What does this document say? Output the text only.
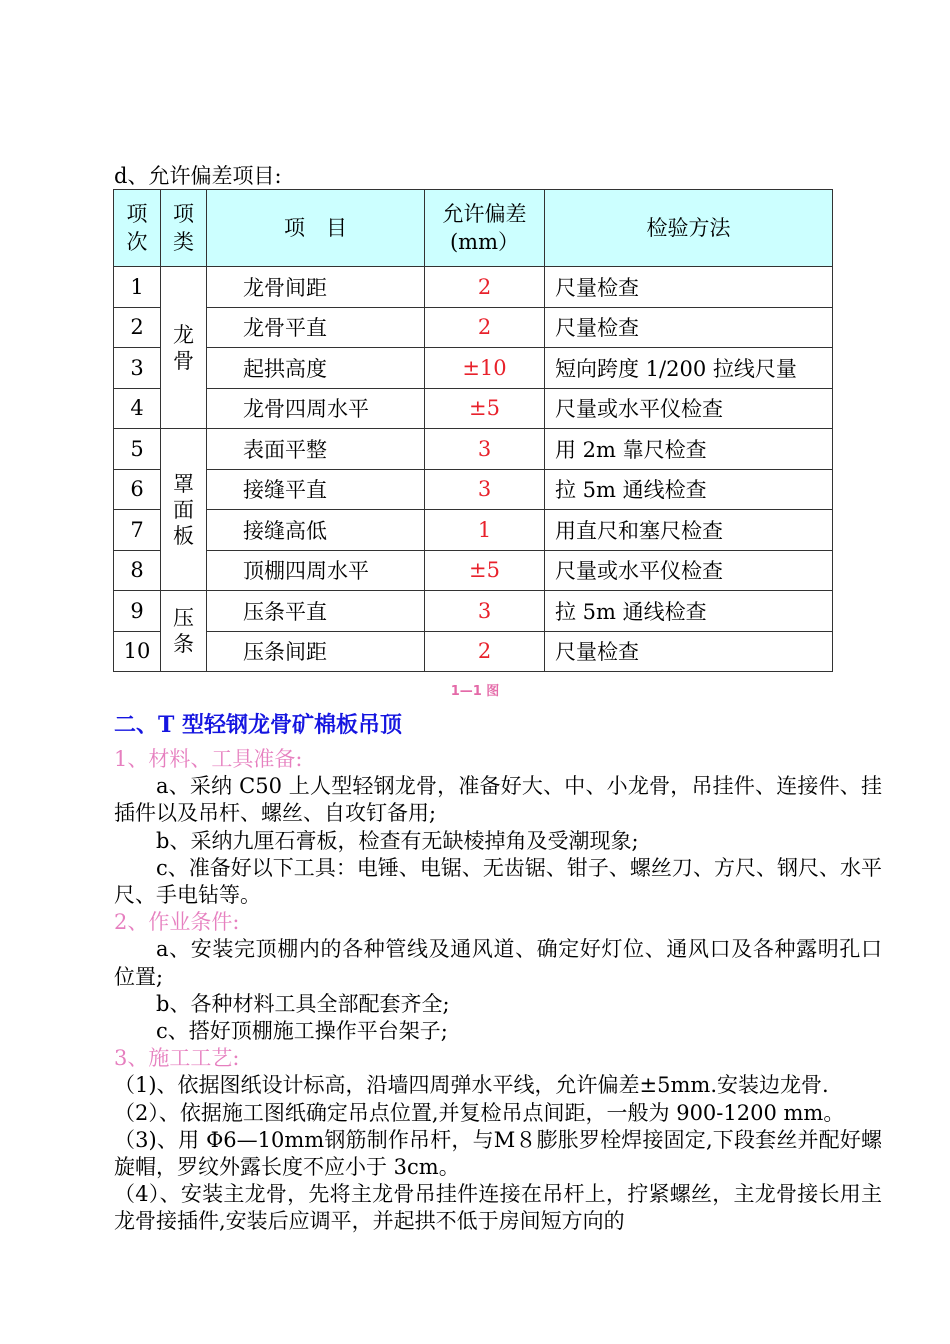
d、允许偏差项目:
项次	项类	项　目	允许偏差(mm）	检验方法
1	龙骨	龙骨间距	2	尺量检查
2		龙骨平直	2	尺量检查
3		起拱高度	±10	短向跨度 1/200 拉线尺量
4		龙骨四周水平	±5	尺量或水平仪检查
5	罩面板	表面平整	3	用 2m 靠尺检查
6		接缝平直	3	拉 5m 通线检查
7		接缝高低	1	用直尺和塞尺检查
8		顶棚四周水平	±5	尺量或水平仪检查
9	压条	压条平直	3	拉 5m 通线检查
10		压条间距	2	尺量检查
1—1 图
二、T 型轻钢龙骨矿棉板吊顶

1、材料、工具准备:

a、采纳 C50 上人型轻钢龙骨，准备好大、中、小龙骨，吊挂件、连接件、挂插件以及吊杆、螺丝、自攻钉备用;

b、采纳九厘石膏板，检查有无缺棱掉角及受潮现象;

c、准备好以下工具：电锤、电锯、无齿锯、钳子、螺丝刀、方尺、钢尺、水平尺、手电钻等。

2、作业条件:

a、安装完顶棚内的各种管线及通风道、确定好灯位、通风口及各种露明孔口位置;

b、各种材料工具全部配套齐全;

c、搭好顶棚施工操作平台架子;

3、施工工艺:

（1)、依据图纸设计标高，沿墙四周弹水平线，允许偏差±5mm.安装边龙骨.

（2）、依据施工图纸确定吊点位置,并复检吊点间距，一般为 900-1200 mm。

（3)、用 Φ6—10mm钢筋制作吊杆，与M８膨胀罗栓焊接固定,下段套丝并配好螺旋帽，罗纹外露长度不应小于 3cm。

（4）、安装主龙骨，先将主龙骨吊挂件连接在吊杆上，拧紧螺丝，主龙骨接长用主龙骨接插件,安装后应调平，并起拱不低于房间短方向的
